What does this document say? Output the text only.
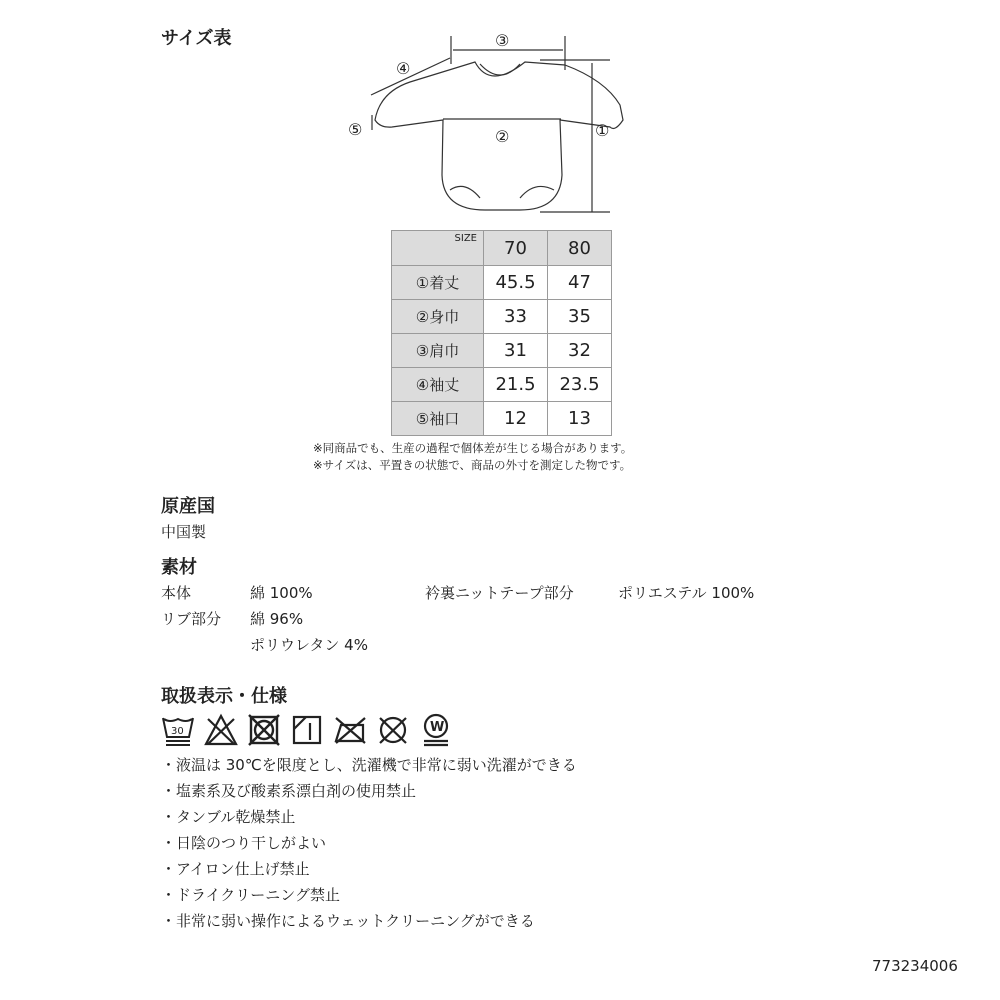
サイズ表	③
②	①
④
⑤
SIZE	70	80
①着丈	45.5	47
②身巾	33	35
③肩巾	31	32
④袖丈	21.5	23.5
⑤袖口	12	13
※同商品でも、生産の過程で個体差が生じる場合があります。
※サイズは、平置きの状態で、商品の外寸を測定した物です。
原産国
中国製
素材
本体	綿 100%	衿裏ニットテープ部分	ポリエステル 100%
リブ部分 綿 96%
ポリウレタン 4%
取扱表示・仕様
30	W
・液温は 30℃を限度とし、洗濯機で非常に弱い洗濯ができる
・塩素系及び酸素系漂白剤の使用禁止
・タンブル乾燥禁止
・日陰のつり干しがよい
・アイロン仕上げ禁止
・ドライクリーニング禁止
・非常に弱い操作によるウェットクリーニングができる
773234006
